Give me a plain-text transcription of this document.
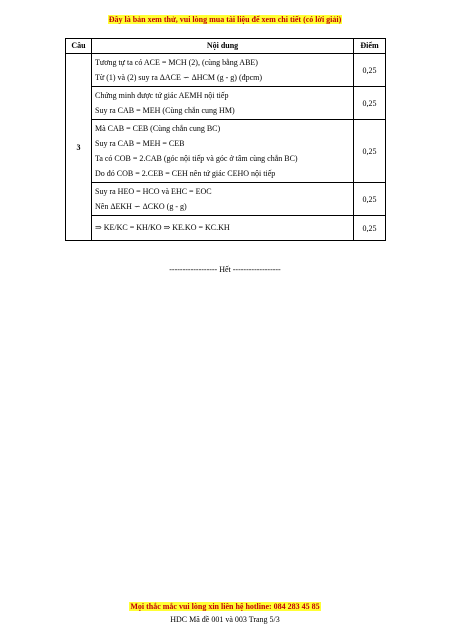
Đây là bản xem thử, vui lòng mua tài liệu để xem chi tiết (có lời giải)
Câu	Nội dung	Điểm
3	Tương tự ta có ACE = MCH (2), (cùng bằng ABE)
Từ (1) và (2) suy ra ΔACE ∽ ΔHCM (g - g) (đpcm)	0,25

	Chứng minh được tứ giác AEMH nội tiếp
Suy ra CAB = MEH (Cùng chắn cung HM)	0,25

	Mà CAB = CEB (Cùng chắn cung BC)
Suy ra CAB = MEH = CEB
Ta có COB = 2.CAB (góc nội tiếp và góc ở tâm cùng chắn BC)
Do đó COB = 2.CEB = CEH nên tứ giác CEHO nội tiếp	0,25

	Suy ra HEO = HCO và EHC = EOC
Nên ΔEKH ∽ ΔCKO (g - g)	0,25

	⇒ KE/KC = KH/KO ⇒ KE.KO = KC.KH	0,25
------------------ Hết ------------------
Mọi thắc mắc vui lòng xin liên hệ hotline: 084 283 45 85
HDC Mã đề 001 và 003 Trang 5/3
